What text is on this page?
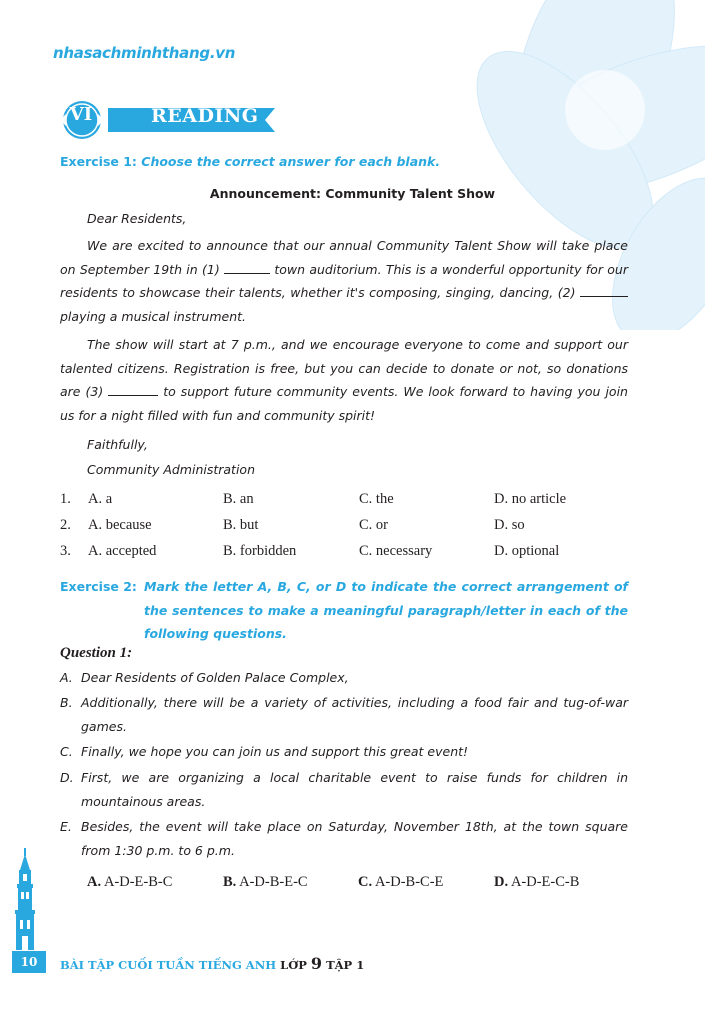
nhasachminhthang.vn
VI	READING
Exercise 1: Choose the correct answer for each blank.
Announcement: Community Talent Show
Dear Residents,
We are excited to announce that our annual Community Talent Show will take place on September 19th in (1)	town auditorium. This is a wonderful opportunity for our residents to showcase their talents, whether it's composing, singing, dancing, (2)  playing a musical instrument.
The show will start at 7 p.m., and we encourage everyone to come and support our talented citizens. Registration is free, but you can decide to donate or not, so donations are (3)	to support future community events. We look forward to having you join us for a night filled with fun and community spirit!
Faithfully,
Community Administration
1. A. a	B. an	C. the	D. no article
2. A. because	B. but	C. or	D. so
3. A. accepted	B. forbidden	C. necessary	D. optional
Exercise 2: Mark the letter A, B, C, or D to indicate the correct arrangement of the sentences to make a meaningful paragraph/letter in each of the following questions.
Question 1:
A. Dear Residents of Golden Palace Complex,
B. Additionally, there will be a variety of activities, including a food fair and tug-of-war games.
C. Finally, we hope you can join us and support this great event!
D. First, we are organizing a local charitable event to raise funds for children in mountainous areas.
E. Besides, the event will take place on Saturday, November 18th, at the town square from 1:30 p.m. to 6 p.m.
A. A-D-E-B-C	B. A-D-B-E-C	C. A-D-B-C-E	D. A-D-E-C-B
10	BÀI TẬP CUỐI TUẦN TIẾNG ANH LỚP 9 TẬP 1
